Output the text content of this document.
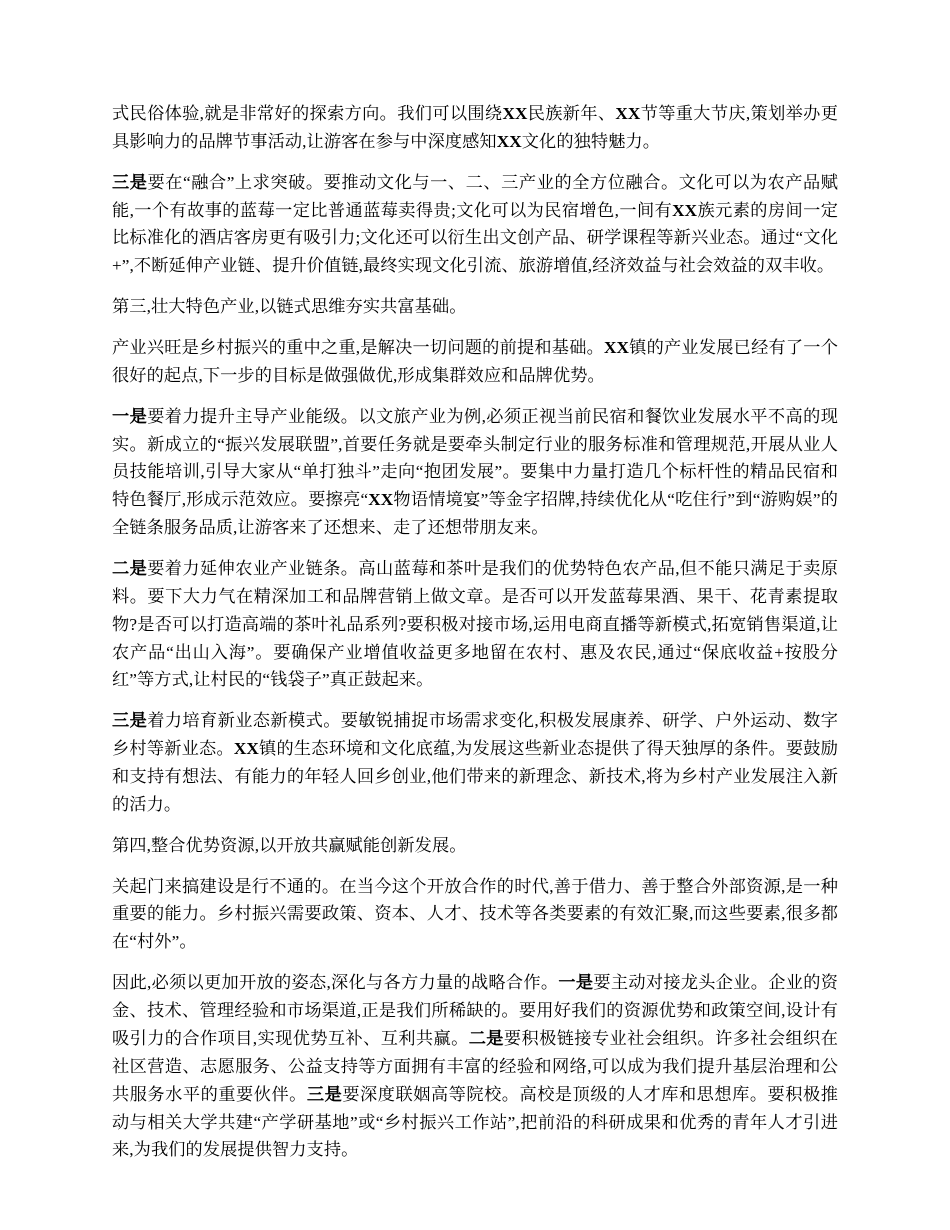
式民俗体验,就是非常好的探索方向。我们可以围绕XX民族新年、XX节等重大节庆,策划举办更具影响力的品牌节事活动,让游客在参与中深度感知XX文化的独特魅力。

三是要在“融合”上求突破。要推动文化与一、二、三产业的全方位融合。文化可以为农产品赋能,一个有故事的蓝莓一定比普通蓝莓卖得贵;文化可以为民宿增色,一间有XX族元素的房间一定比标准化的酒店客房更有吸引力;文化还可以衍生出文创产品、研学课程等新兴业态。通过“文化+”,不断延伸产业链、提升价值链,最终实现文化引流、旅游增值,经济效益与社会效益的双丰收。

第三,壮大特色产业,以链式思维夯实共富基础。

产业兴旺是乡村振兴的重中之重,是解决一切问题的前提和基础。XX镇的产业发展已经有了一个很好的起点,下一步的目标是做强做优,形成集群效应和品牌优势。

一是要着力提升主导产业能级。以文旅产业为例,必须正视当前民宿和餐饮业发展水平不高的现实。新成立的“振兴发展联盟”,首要任务就是要牵头制定行业的服务标准和管理规范,开展从业人员技能培训,引导大家从“单打独斗”走向“抱团发展”。要集中力量打造几个标杆性的精品民宿和特色餐厅,形成示范效应。要擦亮“XX物语情境宴”等金字招牌,持续优化从“吃住行”到“游购娱”的全链条服务品质,让游客来了还想来、走了还想带朋友来。

二是要着力延伸农业产业链条。高山蓝莓和茶叶是我们的优势特色农产品,但不能只满足于卖原料。要下大力气在精深加工和品牌营销上做文章。是否可以开发蓝莓果酒、果干、花青素提取物?是否可以打造高端的茶叶礼品系列?要积极对接市场,运用电商直播等新模式,拓宽销售渠道,让农产品“出山入海”。要确保产业增值收益更多地留在农村、惠及农民,通过“保底收益+按股分红”等方式,让村民的“钱袋子”真正鼓起来。

三是着力培育新业态新模式。要敏锐捕捉市场需求变化,积极发展康养、研学、户外运动、数字乡村等新业态。XX镇的生态环境和文化底蕴,为发展这些新业态提供了得天独厚的条件。要鼓励和支持有想法、有能力的年轻人回乡创业,他们带来的新理念、新技术,将为乡村产业发展注入新的活力。

第四,整合优势资源,以开放共赢赋能创新发展。

关起门来搞建设是行不通的。在当今这个开放合作的时代,善于借力、善于整合外部资源,是一种重要的能力。乡村振兴需要政策、资本、人才、技术等各类要素的有效汇聚,而这些要素,很多都在“村外”。

因此,必须以更加开放的姿态,深化与各方力量的战略合作。一是要主动对接龙头企业。企业的资金、技术、管理经验和市场渠道,正是我们所稀缺的。要用好我们的资源优势和政策空间,设计有吸引力的合作项目,实现优势互补、互利共赢。二是要积极链接专业社会组织。许多社会组织在社区营造、志愿服务、公益支持等方面拥有丰富的经验和网络,可以成为我们提升基层治理和公共服务水平的重要伙伴。三是要深度联姻高等院校。高校是顶级的人才库和思想库。要积极推动与相关大学共建“产学研基地”或“乡村振兴工作站”,把前沿的科研成果和优秀的青年人才引进来,为我们的发展提供智力支持。
